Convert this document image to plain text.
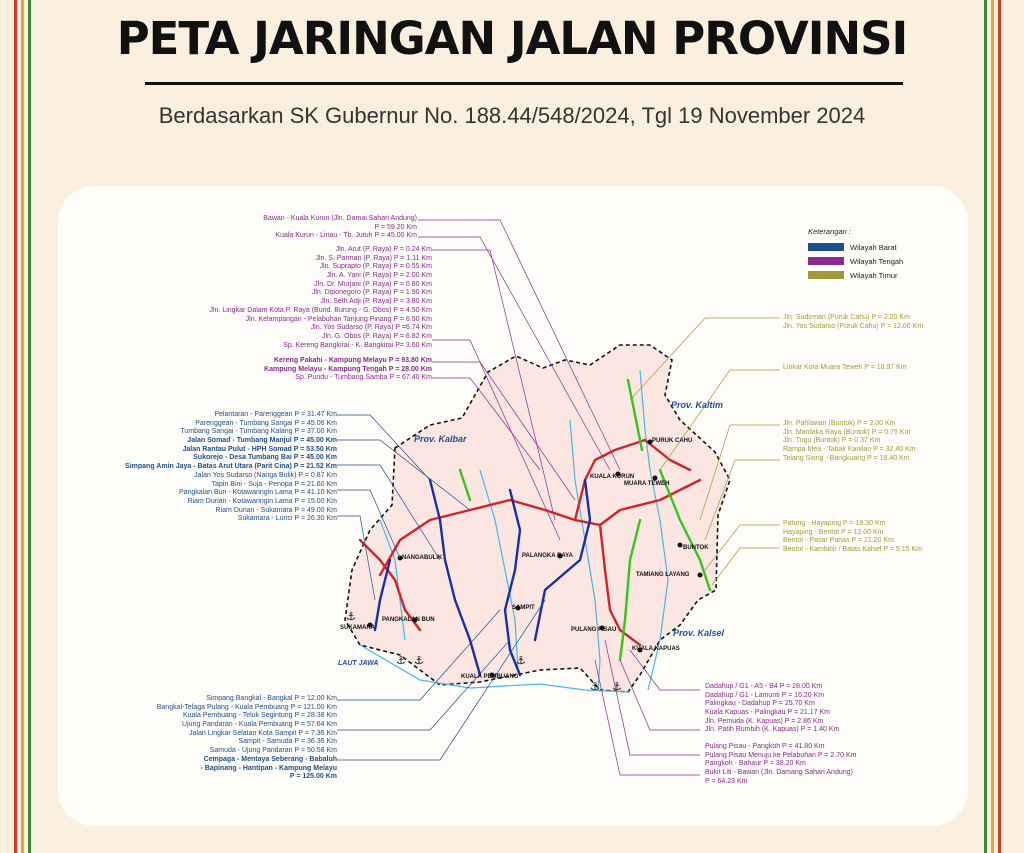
PETA JARINGAN JALAN PROVINSI
Berdasarkan SK Gubernur No. 188.44/548/2024, Tgl 19 November 2024
⚓
⚓ ⚓	⚓
⚓ ⚓
PURUK CAHU
KUALA KURUN
MUARA TEWEH
BUNTOK
TAMIANG LAYANG
PALANGKA RAYA
PULANG PISAU
KUALA KAPUAS
SAMPIT
KUALA PEMBUANG
NANGABULIK
PANGKALAN BUN
SUKAMARA
Prov. Kaltim
Prov. Kalbar
Prov. Kalsel
LAUT JAWA
Keterangan :
Wilayah Barat
Wilayah Tengah
Wilayah Timur
Bawan - Kuala Kurun (Jln. Damai Sahari Andung)
P = 59.20 Km
Kuala Kurun - Linau - Tb. Jutuh P = 45.00 Km
Jln. Arut (P. Raya) P = 0.24 Km
Jln. S. Parman (P. Raya) P = 1.11 Km
Jln. Suprapto (P. Raya) P = 0.55 Km
Jln. A. Yani (P. Raya) P = 2.00 Km
Jln. Dr. Murjani (P. Raya) P = 0.80 Km
Jln. Diponegoro (P. Raya) P = 1.90 Km
Jln. Seth Adji (P. Raya) P = 3.80 Km
Jln. Lingkar Dalam Kota P. Raya (Bund. Burung - G. Obos) P = 4.50 Km
Jln. Kelampangan - Pelabuhan Tanjung Pinang P = 6.50 Km
Jln. Yos Sudarso (P. Raya) P =6.74 Km
Jln. G. Obos (P. Raya) P = 6.82 Km
Sp. Kereng Bangkirai - K. Bangkirai P= 3.60 Km
Kereng Pakahi - Kampung Melayu P = 93.80 Km
Kampung Melayu - Kampung Tengah P = 28.00 Km
Sp. Pundu - Tumbang Samba P = 67.40 Km
Pelantaran - Parenggean P = 31.47 Km
Parenggean - Tumbang Sangai P = 45.06 Km
Tumbang Sangai - Tumbang Kalang P = 37.00 Km
Jalan Somad - Tumbang Manjul P = 45.00 Km
Jalan Rantau Pulut - HPH Somad P = 53.50 Km
Sukorejo - Desa Tumbang Bai P = 45.00 Km
Simpang Amin Jaya - Batas Arut Utara (Parit Cina) P = 21.52 Km
Jalan Yos Sudarso (Nanga Bulik) P = 0.87 Km
Tapin Bini - Suja - Penopa P = 21.60 Km
Pangkalan Bun - Kotawaringin Lama P = 41.10 Km
Riam Durian - Kotawaringin Lama P = 15.00 Km
Riam Durian - Sukamara P = 49.00 Km
Sukamara - Lunci P = 26.30 Km
Simpang Bangkal - Bangkal P = 12.00 Km
Bangkal-Telaga Pulang - Kuala Pembuang P = 121.00 Km
Kuala Pembuang - Teluk Segintung P = 28.38 Km
Ujung Pandaran - Kuala Pembuang P = 57.64 Km
Jalan Lingkar Selatan Kota Sampit P = 7.36 Km
Sampit - Samuda P = 36.36 Km
Samuda - Ujung Pandaran P = 50.58 Km
Cempaga - Mentaya Seberang - Babaluh
- Bapinang - Hantipan - Kampung Melayu
P = 125.00 Km
Jln. Sudirman (Puruk Cahu) P = 2.20 Km
Jln. Yos Sudarso (Puruk Cahu) P = 12.00 Km
Linkar Kota Muara Teweh P = 10.97 Km
Jln. Pahlawan (Buntok) P = 2.00 Km
Jln. Mardaka Raya (Buntok) P = 0.75 Km
Jln. Tugu (Buntok) P = 0.37 Km
Rampa Mea - Tabak Kanilan P = 32.40 Km
Telang Siong - Bangkuang P = 18.40 Km
Patung - Hayaping P = 18.30 Km
Hayaping - Bentot P = 12.00 Km
Bentot - Pasar Panas P = 21.20 Km
Bentot - Kambitin / Batas Kalsel P = 5.15 Km
Dadahup / G1 - A5 - B4 P = 28.00 Km
Dadahup / G1 - Lamunti P = 16.20 Km
Palingkau - Dadahup P = 25.70 Km
Kuala Kapuas - Palingkau P = 21.17 Km
Jln. Pemuda (K. Kapuas) P = 2.86 Km
Jln. Patih Rumbih (K. Kapuas) P = 1.40 Km
Pulang Pisau - Pangkoh P = 41.80 Km
Pulang Pisau Menuju ke Pelabuhan P = 2.70 Km
Pangkoh - Bahaur P = 38.20 Km
Bukit Liti - Bawan (Jln. Damang Sahari Andung)
P = 64.23 Km
